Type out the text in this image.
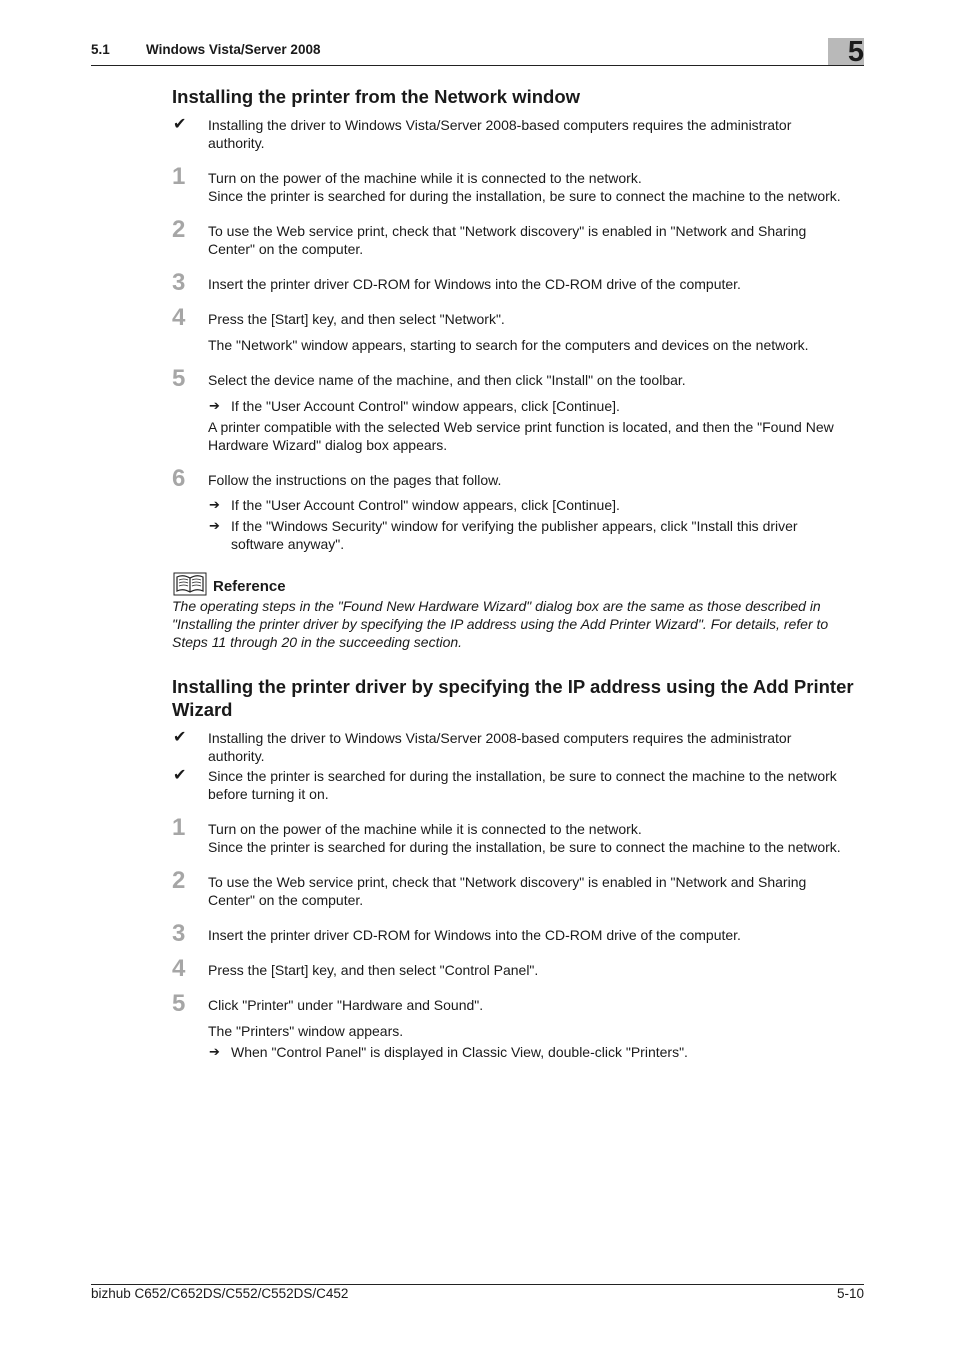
5.1	Windows Vista/Server 2008	5
Installing the printer from the Network window
✔ Installing the driver to Windows Vista/Server 2008-based computers requires the administrator authority.
1 Turn on the power of the machine while it is connected to the network.
Since the printer is searched for during the installation, be sure to connect the machine to the network.
2 To use the Web service print, check that "Network discovery" is enabled in "Network and Sharing Center" on the computer.
3 Insert the printer driver CD-ROM for Windows into the CD-ROM drive of the computer.
4 Press the [Start] key, and then select "Network".
The "Network" window appears, starting to search for the computers and devices on the network.
5 Select the device name of the machine, and then click "Install" on the toolbar.
➔ If the "User Account Control" window appears, click [Continue].
A printer compatible with the selected Web service print function is located, and then the "Found New Hardware Wizard" dialog box appears.
6 Follow the instructions on the pages that follow.
➔ If the "User Account Control" window appears, click [Continue].
➔ If the "Windows Security" window for verifying the publisher appears, click "Install this driver software anyway".
Reference
The operating steps in the "Found New Hardware Wizard" dialog box are the same as those described in "Installing the printer driver by specifying the IP address using the Add Printer Wizard". For details, refer to Steps 11 through 20 in the succeeding section.
Installing the printer driver by specifying the IP address using the Add Printer Wizard
✔ Installing the driver to Windows Vista/Server 2008-based computers requires the administrator authority.
✔ Since the printer is searched for during the installation, be sure to connect the machine to the network before turning it on.
1 Turn on the power of the machine while it is connected to the network.
Since the printer is searched for during the installation, be sure to connect the machine to the network.
2 To use the Web service print, check that "Network discovery" is enabled in "Network and Sharing Center" on the computer.
3 Insert the printer driver CD-ROM for Windows into the CD-ROM drive of the computer.
4 Press the [Start] key, and then select "Control Panel".
5 Click "Printer" under "Hardware and Sound".
The "Printers" window appears.
➔ When "Control Panel" is displayed in Classic View, double-click "Printers".
bizhub C652/C652DS/C552/C552DS/C452	5-10
